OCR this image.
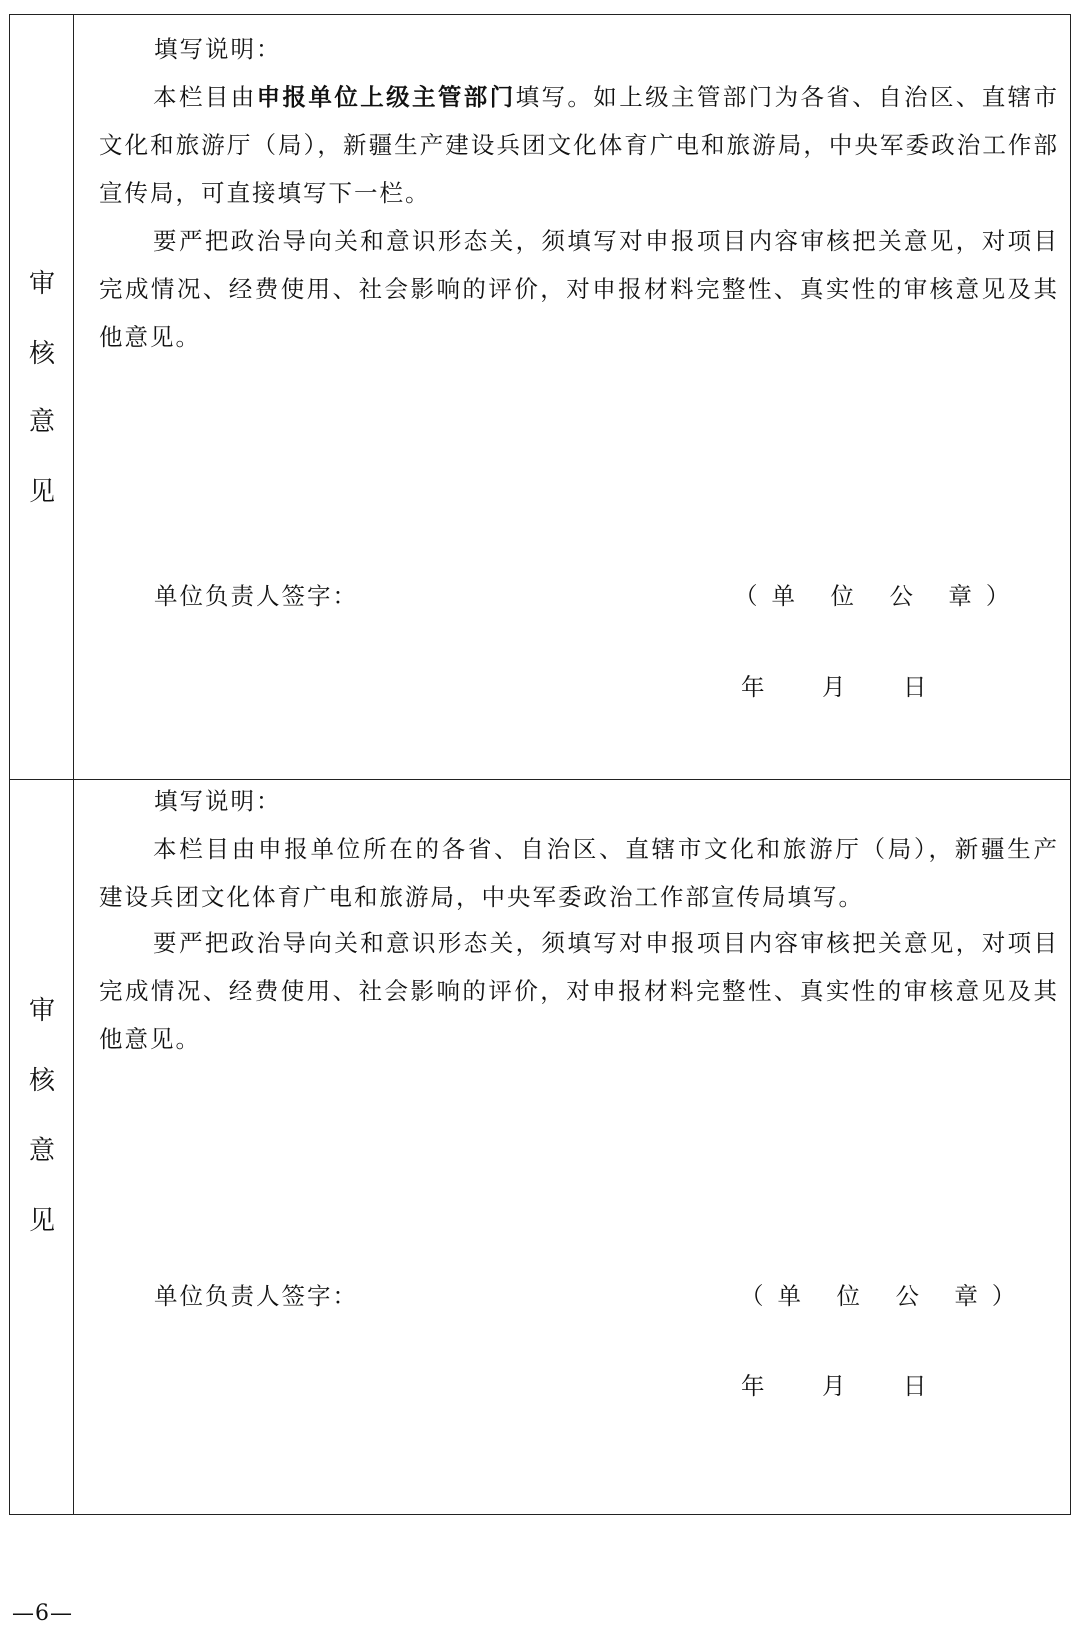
审
核
意
见

填写说明：

本栏目由申报单位上级主管部门填写。如上级主管部门为各省、自治区、直辖市文化和旅游厅（局），新疆生产建设兵团文化体育广电和旅游局，中央军委政治工作部宣传局，可直接填写下一栏。

要严把政治导向关和意识形态关，须填写对申报项目内容审核把关意见，对项目完成情况、经费使用、社会影响的评价，对申报材料完整性、真实性的审核意见及其他意见。

单位负责人签字：	（单 位 公 章）
年 月 日
审
核
意
见

填写说明：

本栏目由申报单位所在的各省、自治区、直辖市文化和旅游厅（局），新疆生产建设兵团文化体育广电和旅游局，中央军委政治工作部宣传局填写。

要严把政治导向关和意识形态关，须填写对申报项目内容审核把关意见，对项目完成情况、经费使用、社会影响的评价，对申报材料完整性、真实性的审核意见及其他意见。

单位负责人签字：	（单 位 公 章）
年 月 日
—6—
